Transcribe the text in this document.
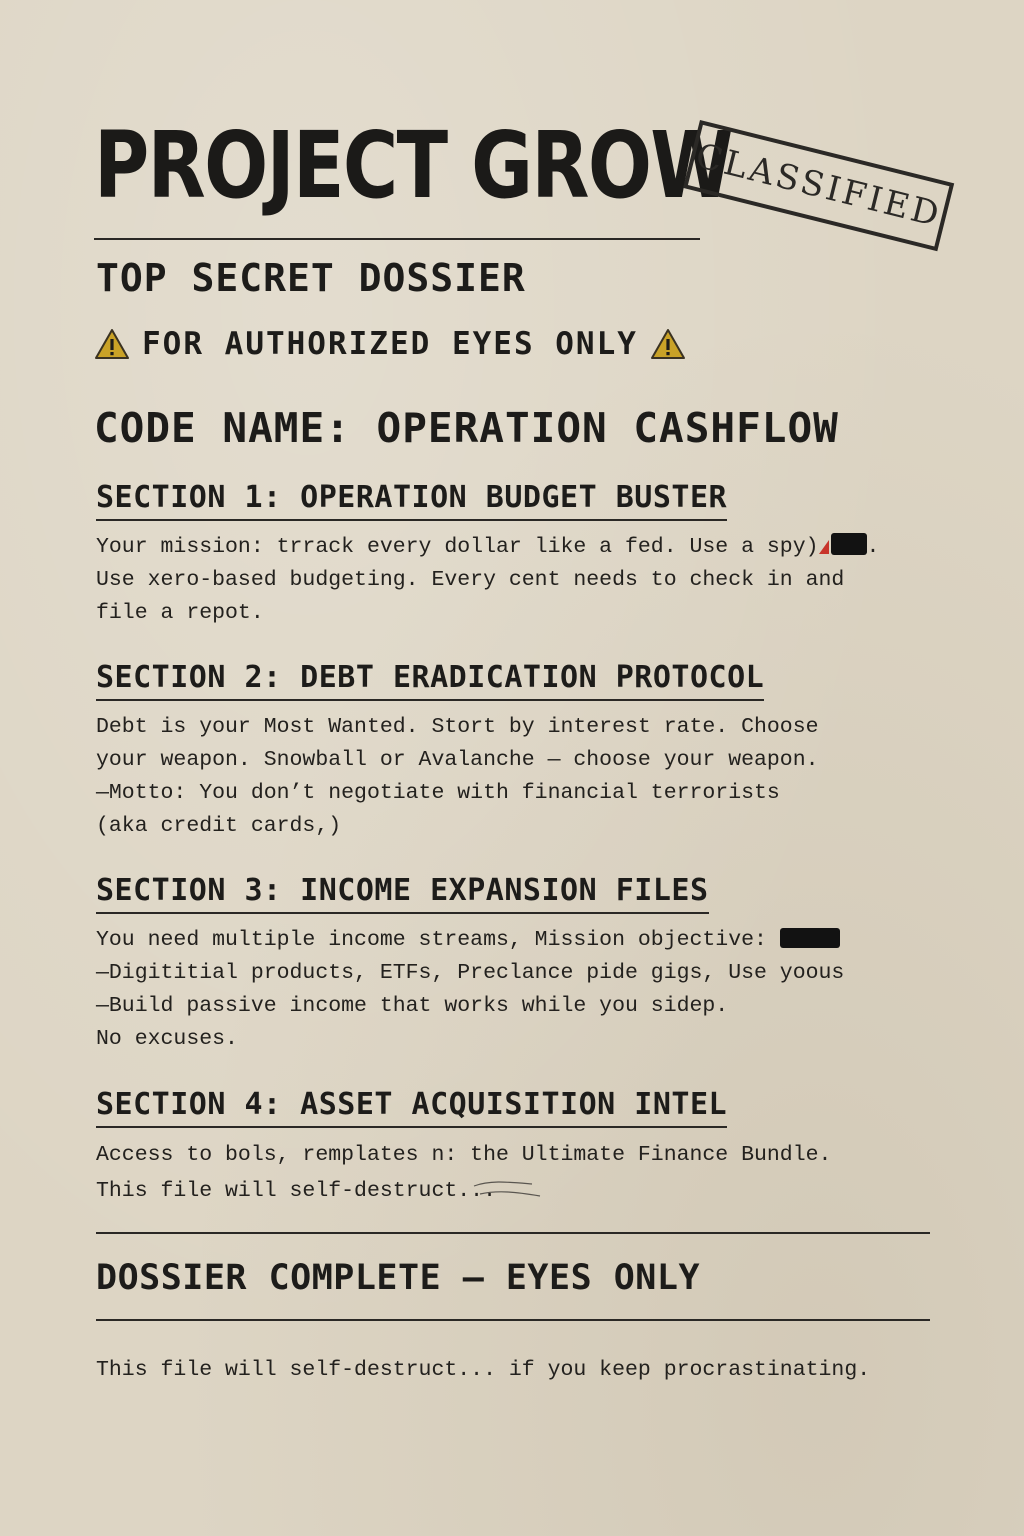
PROJECT GROW
CLASSIFIED
TOP SECRET DOSSIER
FOR AUTHORIZED EYES ONLY
CODE NAME: OPERATION CASHFLOW
SECTION 1: OPERATION BUDGET BUSTER
Your mission: trrack every dollar like a fed. Use a spy) .
Use xero-based budgeting. Every cent needs to check in and
file a repot.
SECTION 2: DEBT ERADICATION PROTOCOL
Debt is your Most Wanted. Stort by interest rate. Choose
your weapon. Snowball or Avalanche — choose your weapon.
—Motto: You don’t negotiate with financial terrorists
(aka credit cards,)
SECTION 3: INCOME EXPANSION FILES
You need multiple income streams, Mission objective:
—Digititial products, ETFs, Preclance pide gigs, Use yoous
—Build passive income that works while you sidep.
No excuses.
SECTION 4: ASSET ACQUISITION INTEL
Access to bols, remplates n: the Ultimate Finance Bundle.
This file will self-destruct...
DOSSIER COMPLETE — EYES ONLY
This file will self-destruct... if you keep procrastinating.
